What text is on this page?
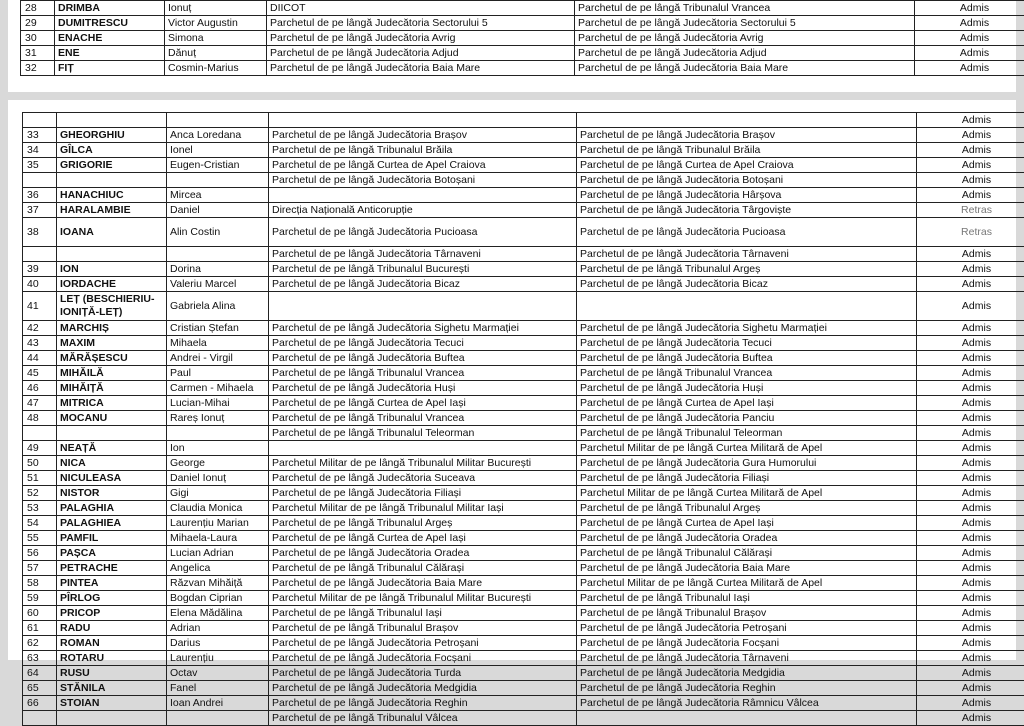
28	DRIMBA	Ionuț	DIICOT	Parchetul de pe lângă Tribunalul Vrancea	Admis
29	DUMITRESCU	Victor Augustin	Parchetul de pe lângă Judecătoria Sectorului 5	Parchetul de pe lângă Judecătoria Sectorului 5	Admis
30	ENACHE	Simona	Parchetul de pe lângă Judecătoria Avrig	Parchetul de pe lângă Judecătoria Avrig	Admis
31	ENE	Dănuț	Parchetul de pe lângă Judecătoria Adjud	Parchetul de pe lângă Judecătoria Adjud	Admis
32	FIȚ	Cosmin-Marius	Parchetul de pe lângă Judecătoria Baia Mare	Parchetul de pe lângă Judecătoria Baia Mare	Admis
					Admis
33	GHEORGHIU	Anca Loredana	Parchetul de pe lângă Judecătoria Brașov	Parchetul de pe lângă Judecătoria Brașov	Admis
34	GÎLCA	Ionel	Parchetul de pe lângă Tribunalul Brăila	Parchetul de pe lângă Tribunalul Brăila	Admis
35	GRIGORIE	Eugen-Cristian	Parchetul de pe lângă Curtea de Apel Craiova	Parchetul de pe lângă Curtea de Apel Craiova	Admis
			Parchetul de pe lângă Judecătoria Botoșani	Parchetul de pe lângă Judecătoria Botoșani	Admis
36	HANACHIUC	Mircea		Parchetul de pe lângă Judecătoria Hârșova	Admis
37	HARALAMBIE	Daniel	Direcția Națională Anticorupție	Parchetul de pe lângă Judecătoria Târgoviște	Retras
38	IOANA	Alin Costin	Parchetul de pe lângă Judecătoria Pucioasa	Parchetul de pe lângă Judecătoria Pucioasa	Retras
			Parchetul de pe lângă Judecătoria Târnaveni	Parchetul de pe lângă Judecătoria Târnaveni	Admis
39	ION	Dorina	Parchetul de pe lângă Tribunalul București	Parchetul de pe lângă Tribunalul Argeș	Admis
40	IORDACHE	Valeriu Marcel	Parchetul de pe lângă Judecătoria Bicaz	Parchetul de pe lângă Judecătoria Bicaz	Admis
41	LEȚ (BESCHIERIU-IONIȚĂ-LEȚ)	Gabriela Alina			Admis
42	MARCHIȘ	Cristian Ștefan	Parchetul de pe lângă Judecătoria Sighetu Marmației	Parchetul de pe lângă Judecătoria Sighetu Marmației	Admis
43	MAXIM	Mihaela	Parchetul de pe lângă Judecătoria Tecuci	Parchetul de pe lângă Judecătoria Tecuci	Admis
44	MĂRĂȘESCU	Andrei - Virgil	Parchetul de pe lângă Judecătoria Buftea	Parchetul de pe lângă Judecătoria Buftea	Admis
45	MIHĂILĂ	Paul	Parchetul de pe lângă Tribunalul Vrancea	Parchetul de pe lângă Tribunalul Vrancea	Admis
46	MIHĂIȚĂ	Carmen - Mihaela	Parchetul de pe lângă Judecătoria Huși	Parchetul de pe lângă Judecătoria Huși	Admis
47	MITRICA	Lucian-Mihai	Parchetul de pe lângă Curtea de Apel Iași	Parchetul de pe lângă Curtea de Apel Iași	Admis
48	MOCANU	Rareș Ionuț	Parchetul de pe lângă Tribunalul Vrancea	Parchetul de pe lângă Judecătoria Panciu	Admis
			Parchetul de pe lângă Tribunalul Teleorman	Parchetul de pe lângă Tribunalul Teleorman	Admis
49	NEAȚĂ	Ion		Parchetul Militar de pe lângă Curtea Militară de Apel	Admis
50	NICA	George	Parchetul Militar de pe lângă Tribunalul Militar București	Parchetul de pe lângă Judecătoria Gura Humorului	Admis
51	NICULEASA	Daniel Ionuț	Parchetul de pe lângă Judecătoria Suceava	Parchetul de pe lângă Judecătoria Filiași	Admis
52	NISTOR	Gigi	Parchetul de pe lângă Judecătoria Filiași	Parchetul Militar de pe lângă Curtea Militară de Apel	Admis
53	PALAGHIA	Claudia Monica	Parchetul Militar de pe lângă Tribunalul Militar Iași	Parchetul de pe lângă Tribunalul Argeș	Admis
54	PALAGHIEA	Laurențiu Marian	Parchetul de pe lângă Tribunalul Argeș	Parchetul de pe lângă Curtea de Apel Iași	Admis
55	PAMFIL	Mihaela-Laura	Parchetul de pe lângă Curtea de Apel Iași	Parchetul de pe lângă Judecătoria Oradea	Admis
56	PAȘCA	Lucian Adrian	Parchetul de pe lângă Judecătoria Oradea	Parchetul de pe lângă Tribunalul Călărași	Admis
57	PETRACHE	Angelica	Parchetul de pe lângă Tribunalul Călărași	Parchetul de pe lângă Judecătoria Baia Mare	Admis
58	PINTEA	Răzvan Mihăiță	Parchetul de pe lângă Judecătoria Baia Mare	Parchetul Militar de pe lângă Curtea Militară de Apel	Admis
59	PÎRLOG	Bogdan Ciprian	Parchetul Militar de pe lângă Tribunalul Militar București	Parchetul de pe lângă Tribunalul Iași	Admis
60	PRICOP	Elena Mădălina	Parchetul de pe lângă Tribunalul Iași	Parchetul de pe lângă Tribunalul Brașov	Admis
61	RADU	Adrian	Parchetul de pe lângă Tribunalul Brașov	Parchetul de pe lângă Judecătoria Petroșani	Admis
62	ROMAN	Darius	Parchetul de pe lângă Judecătoria Petroșani	Parchetul de pe lângă Judecătoria Focșani	Admis
63	ROTARU	Laurențiu	Parchetul de pe lângă Judecătoria Focșani	Parchetul de pe lângă Judecătoria Târnaveni	Admis
64	RUSU	Octav	Parchetul de pe lângă Judecătoria Turda	Parchetul de pe lângă Judecătoria Medgidia	Admis
65	STĂNILA	Fanel	Parchetul de pe lângă Judecătoria Medgidia	Parchetul de pe lângă Judecătoria Reghin	Admis
66	STOIAN	Ioan Andrei	Parchetul de pe lângă Judecătoria Reghin	Parchetul de pe lângă Judecătoria Râmnicu Vâlcea	Admis
			Parchetul de pe lângă Tribunalul Vâlcea		Admis
